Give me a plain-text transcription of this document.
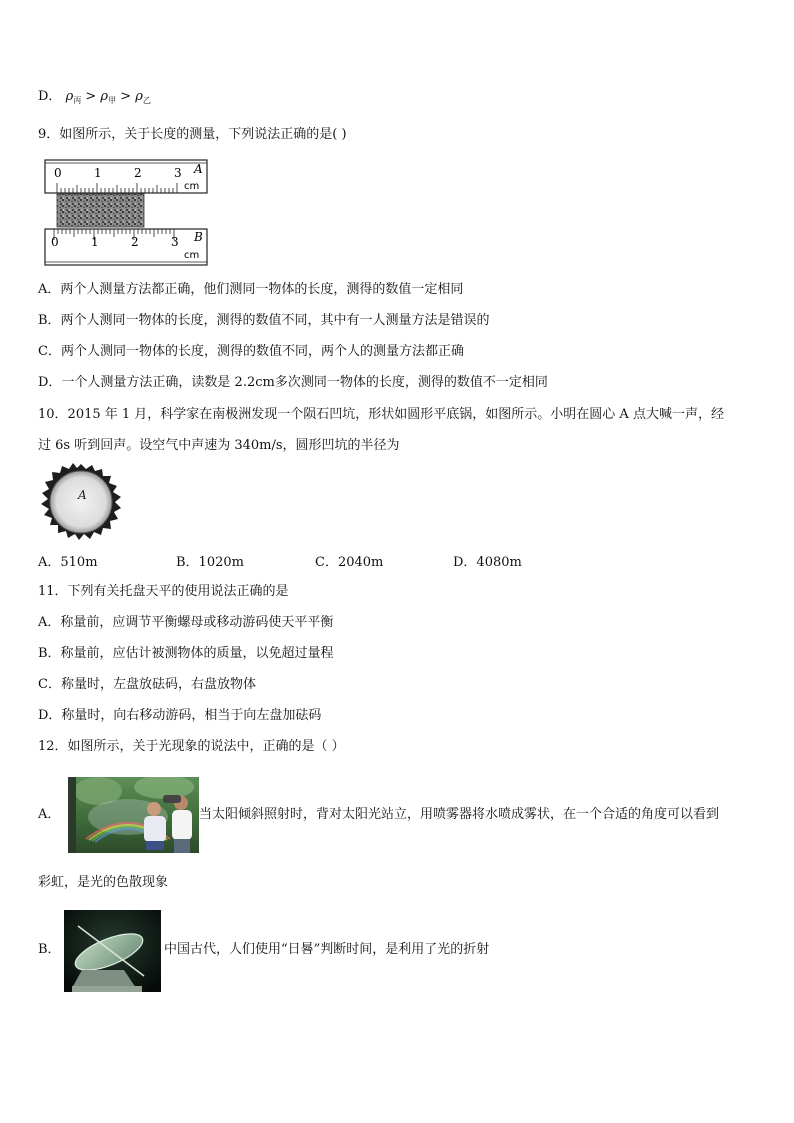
D． $\rho_丙 > \rho_甲 > \rho_乙$
9．如图所示，关于长度的测量，下列说法正确的是( )
0	1	2	3 A
cm
0	1	2	3 B
cm
A．两个人测量方法都正确，他们测同一物体的长度，测得的数值一定相同
B．两个人测同一物体的长度，测得的数值不同，其中有一人测量方法是错误的
C．两个人测同一物体的长度，测得的数值不同，两个人的测量方法都正确
D．一个人测量方法正确，读数是 2.2cm多次测同一物体的长度，测得的数值不一定相同
10．2015 年 1 月，科学家在南极洲发现一个陨石凹坑，形状如圆形平底锅，如图所示。小明在圆心 A 点大喊一声，经
过 6s 听到回声。设空气中声速为 340m/s，圆形凹坑的半径为
A
A．510m	B．1020m	C．2040m	D．4080m
11．下列有关托盘天平的使用说法正确的是
A．称量前，应调节平衡螺母或移动游码使天平平衡
B．称量前，应估计被测物体的质量，以免超过量程
C．称量时，左盘放砝码，右盘放物体
D．称量时，向右移动游码，相当于向左盘加砝码
12．如图所示，关于光现象的说法中，正确的是（ ）
A．	当太阳倾斜照射时，背对太阳光站立，用喷雾器将水喷成雾状，在一个合适的角度可以看到
彩虹，是光的色散现象
B．	中国古代，人们使用“日晷”判断时间，是利用了光的折射
